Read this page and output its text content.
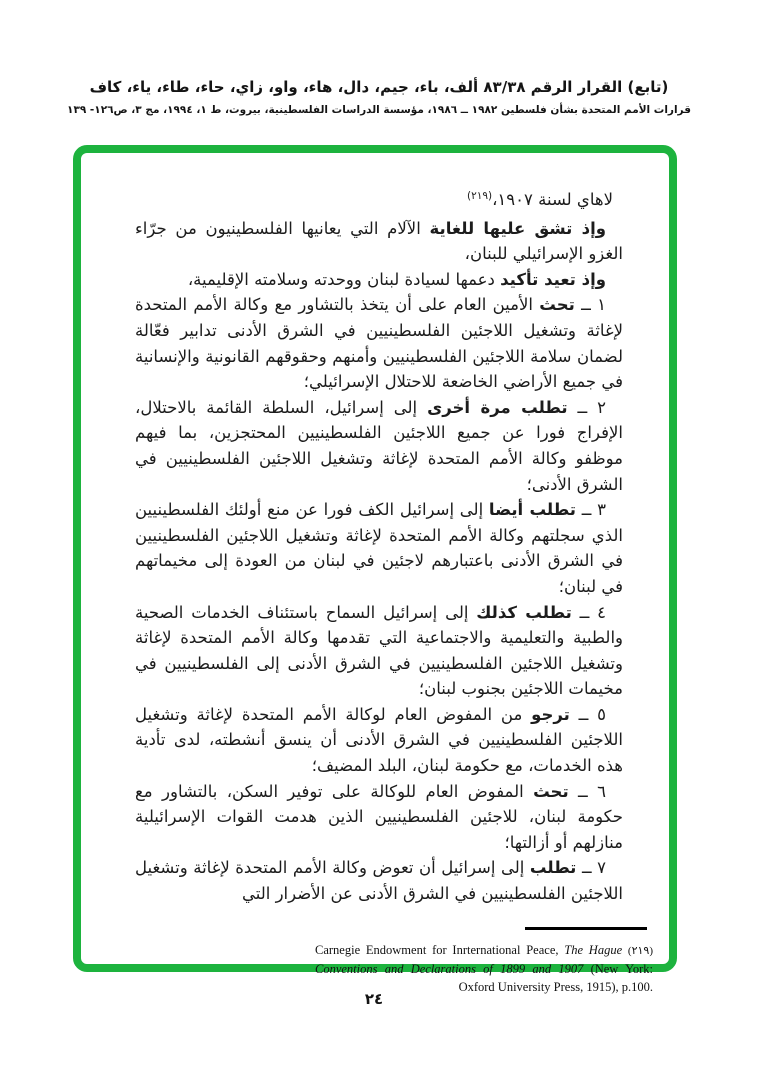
(تابع) القرار الرقم ٨٣/٣٨ ألف، باء، جيم، دال، هاء، واو، زاي، حاء، طاء، ياء، كاف
قرارات الأمم المتحدة بشأن فلسطين ١٩٨٢ ــ ١٩٨٦، مؤسسة الدراسات الفلسطينية، بيروت، ط ١، ١٩٩٤، مج ٣، ص١٢٦- ١٣٩

لاهاي لسنة ١٩٠٧،$^{(٢١٩)}$

وإذ تشق عليها للغاية الآلام التي يعانيها الفلسطينيون من جرّاء الغزو الإسرائيلي للبنان،

وإذ تعيد تأكيد دعمها لسيادة لبنان ووحدته وسلامته الإقليمية،

١ ــ تحث الأمين العام على أن يتخذ بالتشاور مع وكالة الأمم المتحدة لإغاثة وتشغيل اللاجئين الفلسطينيين في الشرق الأدنى تدابير فعّالة لضمان سلامة اللاجئين الفلسطينيين وأمنهم وحقوقهم القانونية والإنسانية في جميع الأراضي الخاضعة للاحتلال الإسرائيلي؛

٢ ــ تطلب مرة أخرى إلى إسرائيل، السلطة القائمة بالاحتلال، الإفراج فورا عن جميع اللاجئين الفلسطينيين المحتجزين، بما فيهم موظفو وكالة الأمم المتحدة لإغاثة وتشغيل اللاجئين الفلسطينيين في الشرق الأدنى؛

٣ ــ تطلب أيضا إلى إسرائيل الكف فورا عن منع أولئك الفلسطينيين الذي سجلتهم وكالة الأمم المتحدة لإغاثة وتشغيل اللاجئين الفلسطينيين في الشرق الأدنى باعتبارهم لاجئين في لبنان من العودة إلى مخيماتهم في لبنان؛

٤ ــ تطلب كذلك إلى إسرائيل السماح باستئناف الخدمات الصحية والطبية والتعليمية والاجتماعية التي تقدمها وكالة الأمم المتحدة لإغاثة وتشغيل اللاجئين الفلسطينيين في الشرق الأدنى إلى الفلسطينيين في مخيمات اللاجئين بجنوب لبنان؛

٥ ــ ترجو من المفوض العام لوكالة الأمم المتحدة لإغاثة وتشغيل اللاجئين الفلسطينيين في الشرق الأدنى أن ينسق أنشطته، لدى تأدية هذه الخدمات، مع حكومة لبنان، البلد المضيف؛

٦ ــ تحث المفوض العام للوكالة على توفير السكن، بالتشاور مع حكومة لبنان، للاجئين الفلسطينيين الذين هدمت القوات الإسرائيلية منازلهم أو أزالتها؛

٧ ــ تطلب إلى إسرائيل أن تعوض وكالة الأمم المتحدة لإغاثة وتشغيل اللاجئين الفلسطينيين في الشرق الأدنى عن الأضرار التي

(٢١٩) Carnegie Endowment for Inrternational Peace, The Hague Conventions and Declarations of 1899 and 1907 (New York: Oxford University Press, 1915), p.100.
٢٤
